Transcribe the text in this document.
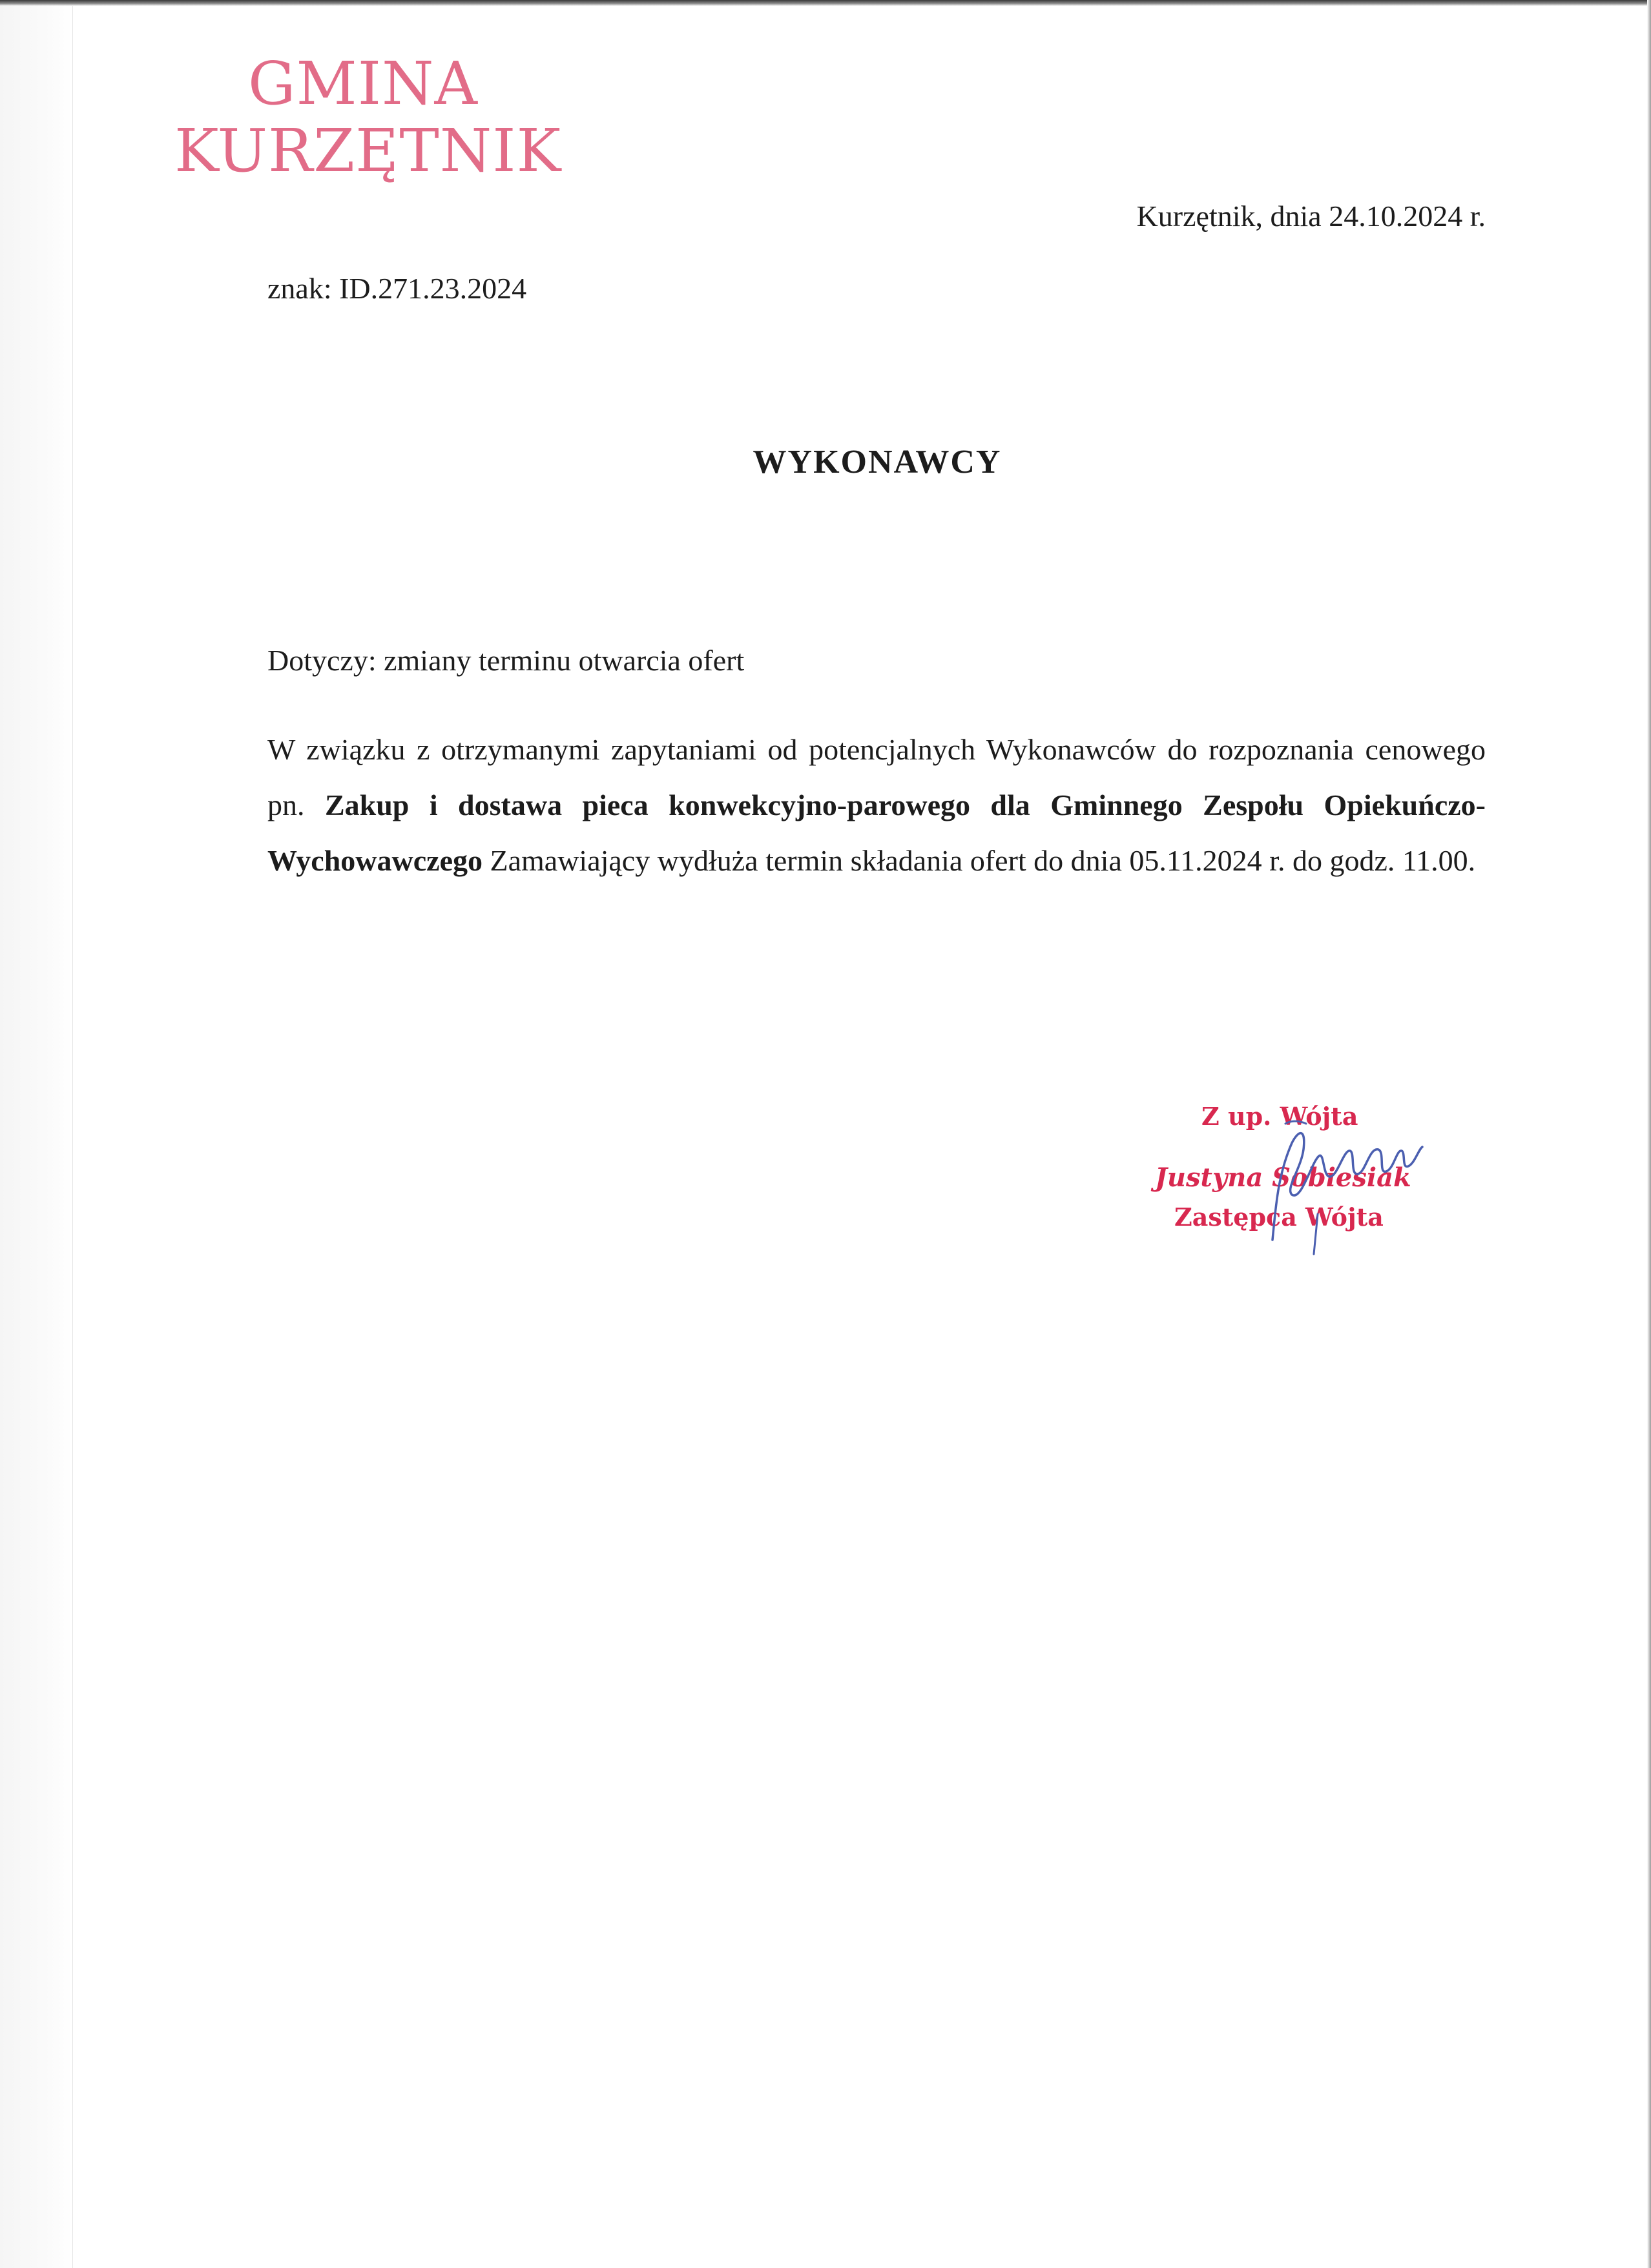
GMINA
KURZĘTNIK
Kurzętnik, dnia 24.10.2024 r.
znak: ID.271.23.2024
WYKONAWCY
Dotyczy: zmiany terminu otwarcia ofert
W związku z otrzymanymi zapytaniami od potencjalnych Wykonawców do rozpoznania cenowego pn. Zakup i dostawa pieca konwekcyjno-parowego dla Gminnego Zespołu Opiekuńczo-Wychowawczego Zamawiający wydłuża termin składania ofert do dnia 05.11.2024 r. do godz. 11.00.
Z up. Wójta
Justyna Sobiesiak
Zastępca Wójta
